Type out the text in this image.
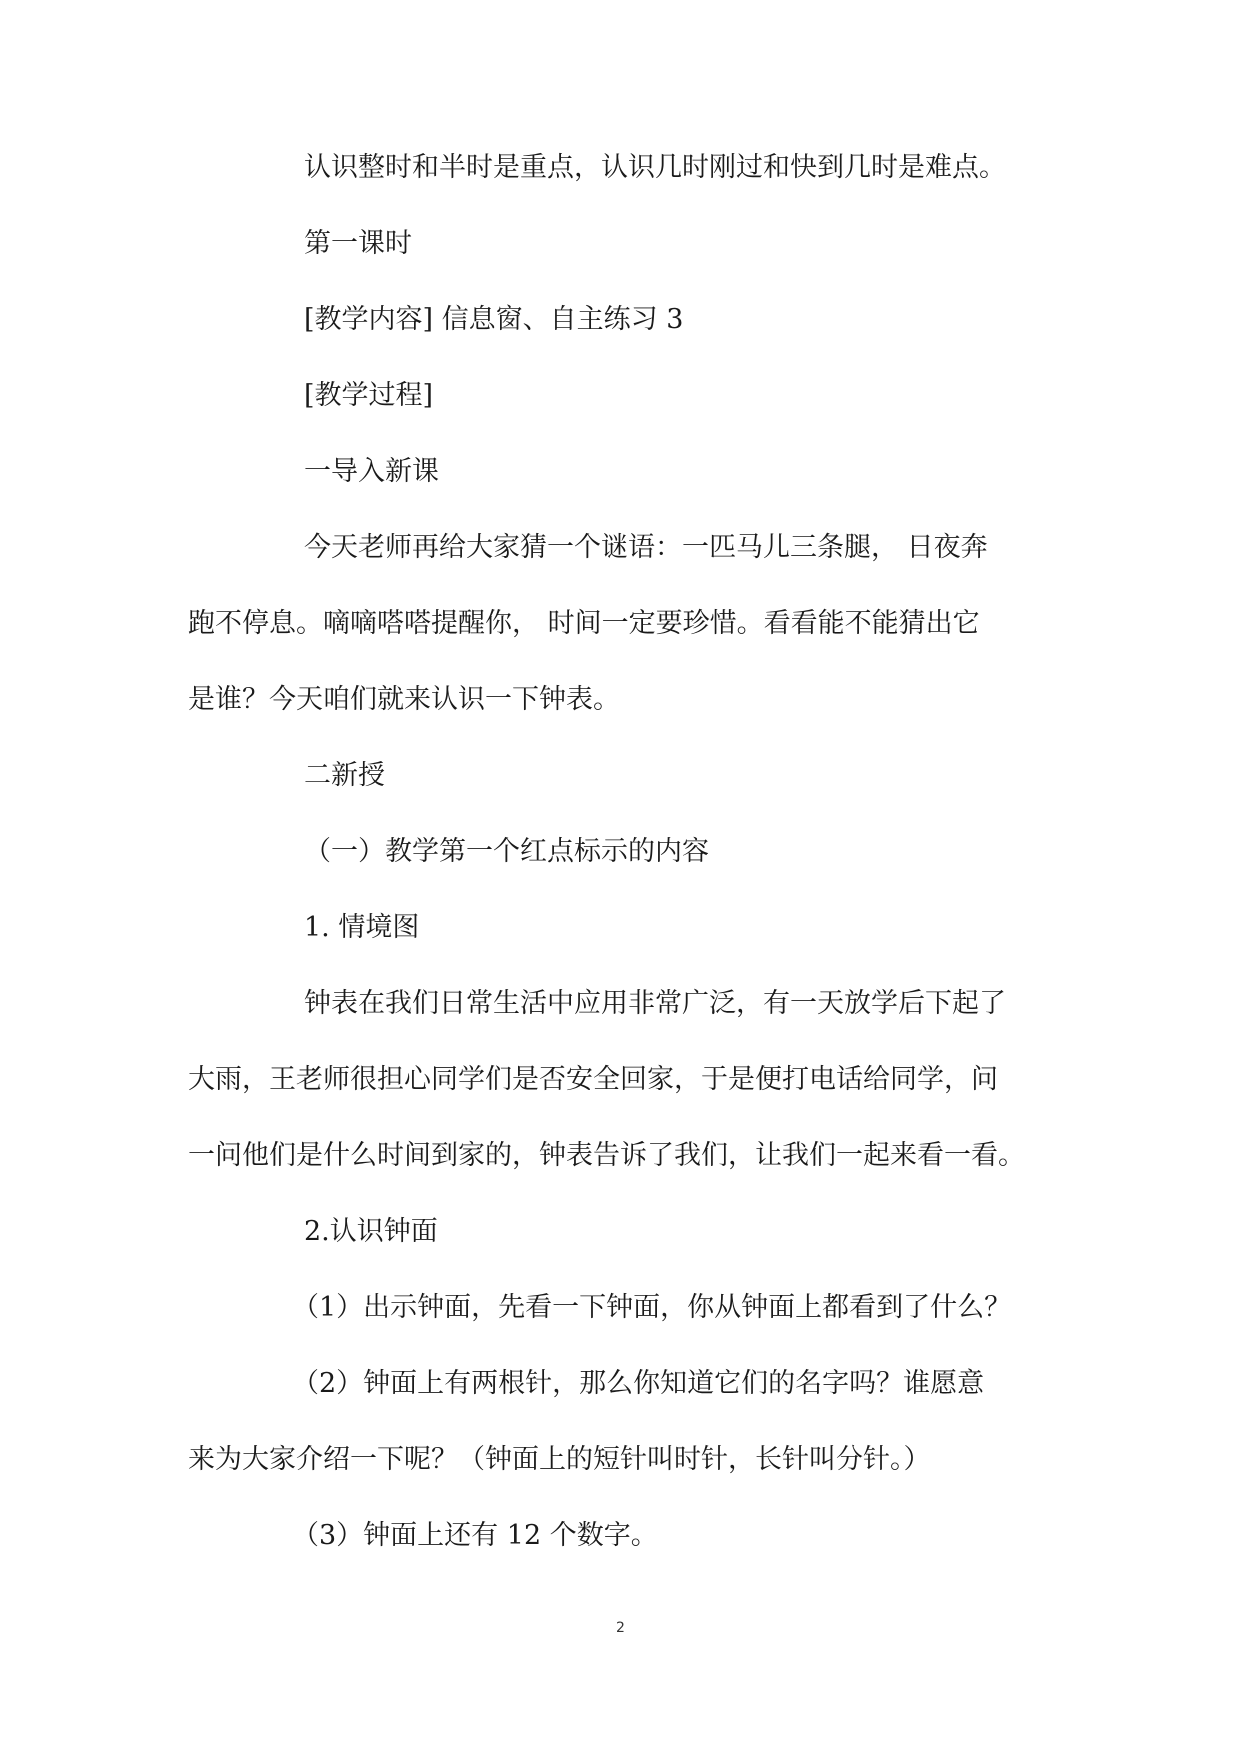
认识整时和半时是重点，认识几时刚过和快到几时是难点。

第一课时

[教学内容] 信息窗、自主练习 3

[教学过程]

一导入新课

今天老师再给大家猜一个谜语：一匹马儿三条腿， 日夜奔

跑不停息。嘀嘀嗒嗒提醒你， 时间一定要珍惜。看看能不能猜出它

是谁？今天咱们就来认识一下钟表。

二新授

（一）教学第一个红点标示的内容

1. 情境图

钟表在我们日常生活中应用非常广泛，有一天放学后下起了

大雨，王老师很担心同学们是否安全回家，于是便打电话给同学，问

一问他们是什么时间到家的，钟表告诉了我们，让我们一起来看一看。

2.认识钟面

（1）出示钟面，先看一下钟面，你从钟面上都看到了什么？

（2）钟面上有两根针，那么你知道它们的名字吗？谁愿意

来为大家介绍一下呢？（钟面上的短针叫时针，长针叫分针。）

（3）钟面上还有 12 个数字。

2
